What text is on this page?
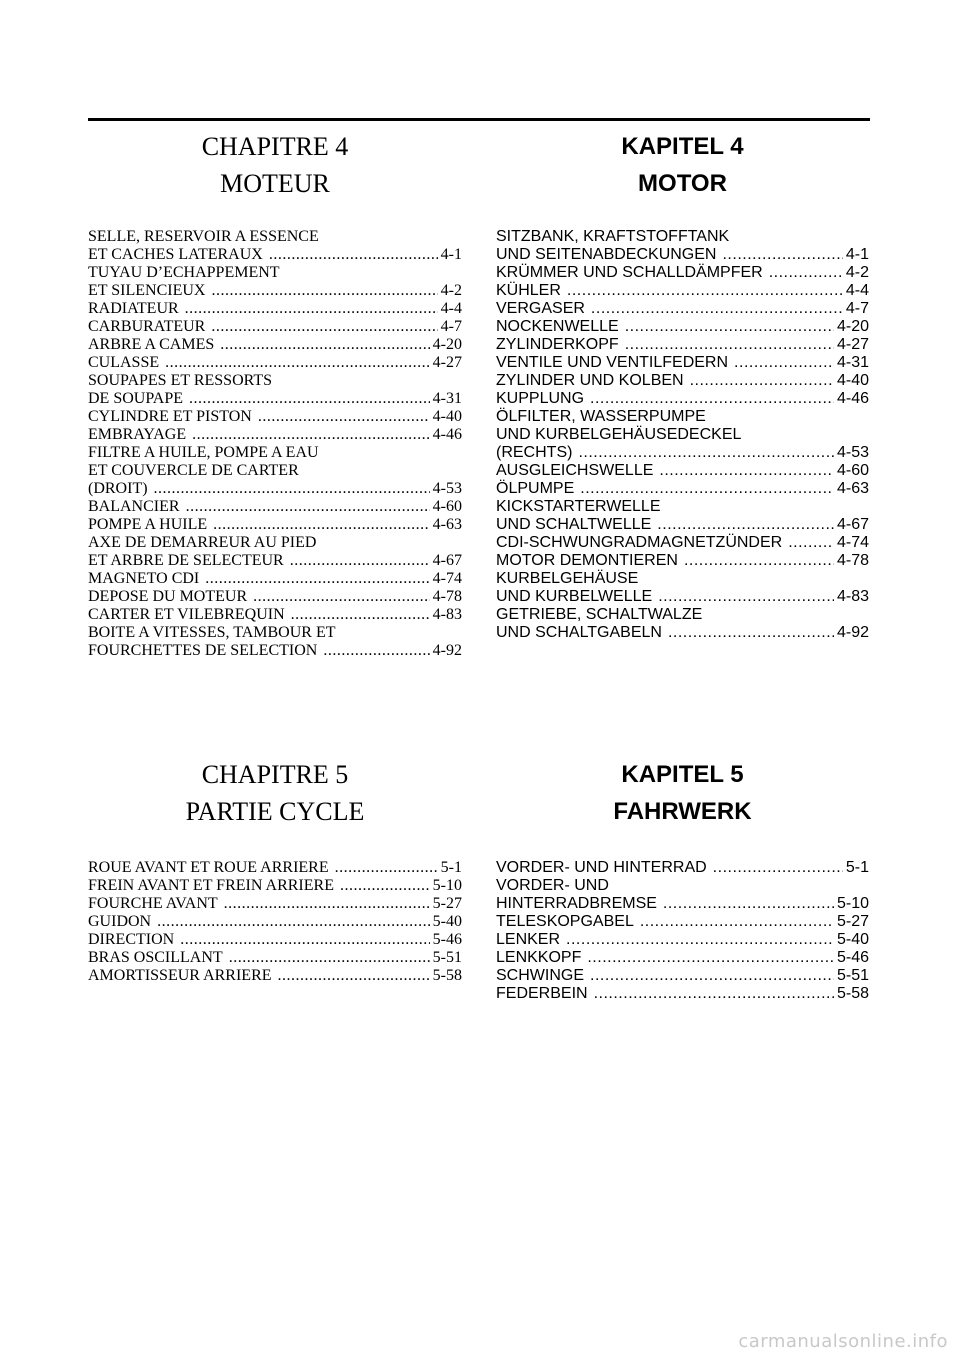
CHAPITRE 4
MOTEUR
KAPITEL 4
MOTOR
SELLE, RESERVOIR A ESSENCE
ET CACHES LATERAUX .....	4-1
TUYAU D’ECHAPPEMENT
ET SILENCIEUX .....	4-2
RADIATEUR .....	4-4
CARBURATEUR .....	4-7
ARBRE A CAMES .....	4-20
CULASSE .....	4-27
SOUPAPES ET RESSORTS
DE SOUPAPE .....	4-31
CYLINDRE ET PISTON .....	4-40
EMBRAYAGE .....	4-46
FILTRE A HUILE, POMPE A EAU
ET COUVERCLE DE CARTER
(DROIT) .....	4-53
BALANCIER .....	4-60
POMPE A HUILE .....	4-63
AXE DE DEMARREUR AU PIED
ET ARBRE DE SELECTEUR .....	4-67
MAGNETO CDI .....	4-74
DEPOSE DU MOTEUR .....	4-78
CARTER ET VILEBREQUIN .....	4-83
BOITE A VITESSES, TAMBOUR ET
FOURCHETTES DE SELECTION .....	4-92
SITZBANK, KRAFTSTOFFTANK
UND SEITENABDECKUNGEN .....	4-1
KRÜMMER UND SCHALLDÄMPFER .....	4-2
KÜHLER .....	4-4
VERGASER .....	4-7
NOCKENWELLE .....	4-20
ZYLINDERKOPF .....	4-27
VENTILE UND VENTILFEDERN .....	4-31
ZYLINDER UND KOLBEN .....	4-40
KUPPLUNG .....	4-46
ÖLFILTER, WASSERPUMPE
UND KURBELGEHÄUSEDECKEL
(RECHTS) .....	4-53
AUSGLEICHSWELLE .....	4-60
ÖLPUMPE .....	4-63
KICKSTARTERWELLE
UND SCHALTWELLE .....	4-67
CDI-SCHWUNGRADMAGNETZÜNDER .....	4-74
MOTOR DEMONTIEREN .....	4-78
KURBELGEHÄUSE
UND KURBELWELLE .....	4-83
GETRIEBE, SCHALTWALZE
UND SCHALTGABELN .....	4-92
CHAPITRE 5
PARTIE CYCLE
KAPITEL 5
FAHRWERK
ROUE AVANT ET ROUE ARRIERE .....	5-1
FREIN AVANT ET FREIN ARRIERE .....	5-10
FOURCHE AVANT .....	5-27
GUIDON .....	5-40
DIRECTION .....	5-46
BRAS OSCILLANT .....	5-51
AMORTISSEUR ARRIERE .....	5-58
VORDER- UND HINTERRAD .....	5-1
VORDER- UND
HINTERRADBREMSE .....	5-10
TELESKOPGABEL .....	5-27
LENKER .....	5-40
LENKKOPF .....	5-46
SCHWINGE .....	5-51
FEDERBEIN .....	5-58
carmanualsonline.info
